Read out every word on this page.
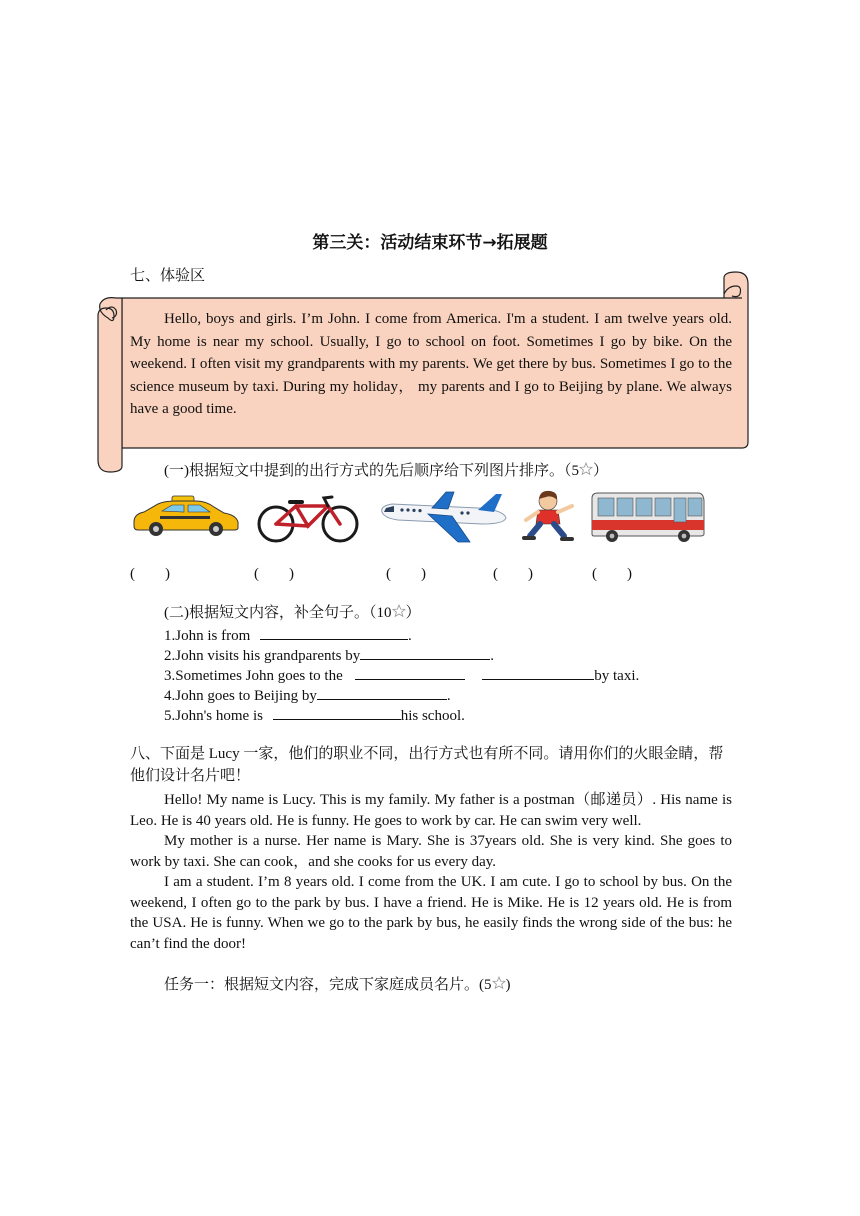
第三关：活动结束环节→拓展题
七、体验区

Hello, boys and girls. I’m John. I come from America. I'm a student. I am twelve years old. My home is near my school. Usually, I go to school on foot. Sometimes I go by bike. On the weekend. I often visit my grandparents with my parents. We get there by bus. Sometimes I go to the science museum by taxi. During my holiday， my parents and I go to Beijing by plane. We always have a good time.

(一)根据短文中提到的出行方式的先后顺序给下列图片排序。（5 ）
(        )	(        )	(        )	(        )	(        )
(二)根据短文内容，补全句子。（10 ）
1.John is from	.
2.John visits his grandparents by	.
3.Sometimes John goes to the	by taxi.
4.John goes to Beijing by	.
5.John's home is	his school.
八、下面是 Lucy 一家，他们的职业不同，出行方式也有所不同。请用你们的火眼金睛，帮他们设计名片吧！

Hello! My name is Lucy. This is my family. My father is a postman（邮递员）. His name is Leo. He is 40 years old. He is funny. He goes to work by car. He can swim very well.

My mother is a nurse. Her name is Mary. She is 37years old. She is very kind. She goes to work by taxi. She can cook，and she cooks for us every day.

I am a student. I’m 8 years old. I come from the UK. I am cute. I go to school by bus. On the weekend, I often go to the park by bus. I have a friend. He is Mike. He is 12 years old. He is from the USA. He is funny. When we go to the park by bus, he easily finds the wrong side of the bus: he can’t find the door!

任务一：根据短文内容，完成下家庭成员名片。(5 )
